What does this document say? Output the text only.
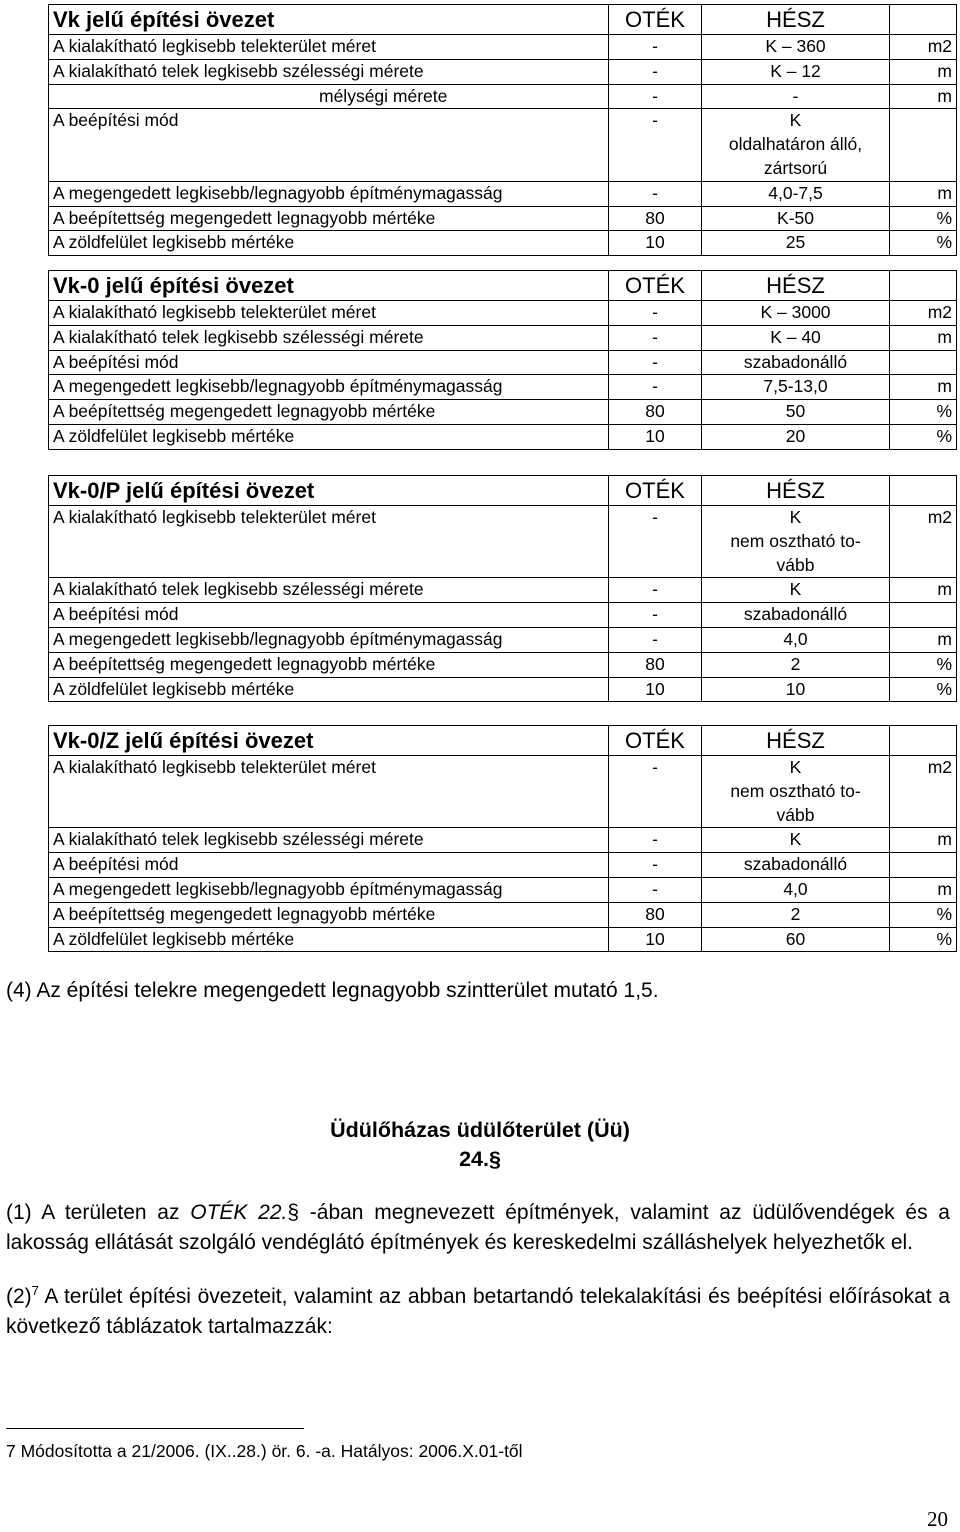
Vk jelű építési övezet	OTÉK	HÉSZ	
A kialakítható legkisebb telekterület méret	-	K – 360	m2
A kialakítható telek legkisebb szélességi mérete	-	K – 12	m
mélységi mérete	-	-	m
A beépítési mód	-	K
oldalhatáron álló,
zártsorú	

A megengedett legkisebb/legnagyobb építménymagasság	-	4,0-7,5	m
A beépítettség megengedett legnagyobb mértéke	80	K-50	%
A zöldfelület legkisebb mértéke	10	25	%
Vk-0 jelű építési övezet	OTÉK	HÉSZ	
A kialakítható legkisebb telekterület méret	-	K – 3000	m2
A kialakítható telek legkisebb szélességi mérete	-	K – 40	m
A beépítési mód	-	szabadonálló	
A megengedett legkisebb/legnagyobb építménymagasság	-	7,5-13,0	m
A beépítettség megengedett legnagyobb mértéke	80	50	%
A zöldfelület legkisebb mértéke	10	20	%
Vk-0/P jelű építési övezet	OTÉK	HÉSZ	
A kialakítható legkisebb telekterület méret	-	K
nem osztható to-
vább	m2
A kialakítható telek legkisebb szélességi mérete	-	K	m
A beépítési mód	-	szabadonálló	
A megengedett legkisebb/legnagyobb építménymagasság	-	4,0	m
A beépítettség megengedett legnagyobb mértéke	80	2	%
A zöldfelület legkisebb mértéke	10	10	%
Vk-0/Z jelű építési övezet	OTÉK	HÉSZ	
A kialakítható legkisebb telekterület méret	-	K
nem osztható to-
vább	m2
A kialakítható telek legkisebb szélességi mérete	-	K	m
A beépítési mód	-	szabadonálló	
A megengedett legkisebb/legnagyobb építménymagasság	-	4,0	m
A beépítettség megengedett legnagyobb mértéke	80	2	%
A zöldfelület legkisebb mértéke	10	60	%
(4) Az építési telekre megengedett legnagyobb szintterület mutató 1,5.
Üdülőházas üdülőterület (Üü)
24.§
(1) A területen az OTÉK 22.§ -ában megnevezett építmények, valamint az üdülővendégek és a lakosság ellátását szolgáló vendéglátó építmények és kereskedelmi szálláshelyek helyezhetők el.
$(2)^7$ A terület építési övezeteit, valamint az abban betartandó telekalakítási és beépítési előírásokat a következő táblázatok tartalmazzák:
7 Módosította a 21/2006. (IX..28.) ör. 6. -a. Hatályos: 2006.X.01-től
20
